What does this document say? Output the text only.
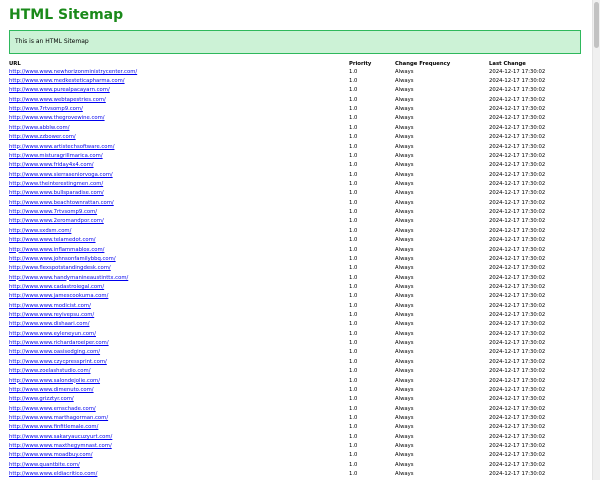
HTML Sitemap
This is an HTML Sitemap
URL	Priority	Change Frequency	Last Change
http://www.www.newhorizonministrycenter.com/	1.0	Always	2024-12-17 17:30:02
http://www.www.medkesteticapharma.com/	1.0	Always	2024-12-17 17:30:02
http://www.www.purealpacayarn.com/	1.0	Always	2024-12-17 17:30:02
http://www.www.webtapestries.com/	1.0	Always	2024-12-17 17:30:02
http://www.7rtvsomp9.com/	1.0	Always	2024-12-17 17:30:02
http://www.www.thegrovewine.com/	1.0	Always	2024-12-17 17:30:02
http://www.abblw.com/	1.0	Always	2024-12-17 17:30:02
http://www.zzbower.com/	1.0	Always	2024-12-17 17:30:02
http://www.www.artistechsoftware.com/	1.0	Always	2024-12-17 17:30:02
http://www.misturagrillmarica.com/	1.0	Always	2024-12-17 17:30:02
http://www.www.friday4x4.com/	1.0	Always	2024-12-17 17:30:02
http://www.www.sierraseniorvoga.com/	1.0	Always	2024-12-17 17:30:02
http://www.theinterestingmen.com/	1.0	Always	2024-12-17 17:30:02
http://www.www.bullsparadise.com/	1.0	Always	2024-12-17 17:30:02
http://www.www.beachtownrattan.com/	1.0	Always	2024-12-17 17:30:02
http://www.www.7rtvsomp9.com/	1.0	Always	2024-12-17 17:30:02
http://www.www.2eromandpor.com/	1.0	Always	2024-12-17 17:30:02
http://www.sxdsm.com/	1.0	Always	2024-12-17 17:30:02
http://www.www.telamedot.com/	1.0	Always	2024-12-17 17:30:02
http://www.www.inflammablox.com/	1.0	Always	2024-12-17 17:30:02
http://www.www.johnsonfamilybbq.com/	1.0	Always	2024-12-17 17:30:02
http://www.flexspotstandingdesk.com/	1.0	Always	2024-12-17 17:30:02
http://www.www.handymanineaustinttx.com/	1.0	Always	2024-12-17 17:30:02
http://www.www.cadastroiegal.com/	1.0	Always	2024-12-17 17:30:02
http://www.www.jamescookuma.com/	1.0	Always	2024-12-17 17:30:02
http://www.www.modicist.com/	1.0	Always	2024-12-17 17:30:02
http://www.www.reyivepsu.com/	1.0	Always	2024-12-17 17:30:02
http://www.www.dishaari.com/	1.0	Always	2024-12-17 17:30:02
http://www.www.eyleneyun.com/	1.0	Always	2024-12-17 17:30:02
http://www.www.richardaroeiper.com/	1.0	Always	2024-12-17 17:30:02
http://www.www.oasisedging.com/	1.0	Always	2024-12-17 17:30:02
http://www.www.czycpressprint.com/	1.0	Always	2024-12-17 17:30:02
http://www.zoelashstudio.com/	1.0	Always	2024-12-17 17:30:02
http://www.www.salondejolie.com/	1.0	Always	2024-12-17 17:30:02
http://www.www.dimenuto.com/	1.0	Always	2024-12-17 17:30:02
http://www.grizztyr.com/	1.0	Always	2024-12-17 17:30:02
http://www.www.emschade.com/	1.0	Always	2024-12-17 17:30:02
http://www.www.marthagorman.com/	1.0	Always	2024-12-17 17:30:02
http://www.www.finfitlemale.com/	1.0	Always	2024-12-17 17:30:02
http://www.www.sakaryaucuzyurt.com/	1.0	Always	2024-12-17 17:30:02
http://www.www.maxthegymnast.com/	1.0	Always	2024-12-17 17:30:02
http://www.www.moadbuy.com/	1.0	Always	2024-12-17 17:30:02
http://www.quantbite.com/	1.0	Always	2024-12-17 17:30:02
http://www.www.eldiacritico.com/	1.0	Always	2024-12-17 17:30:02
